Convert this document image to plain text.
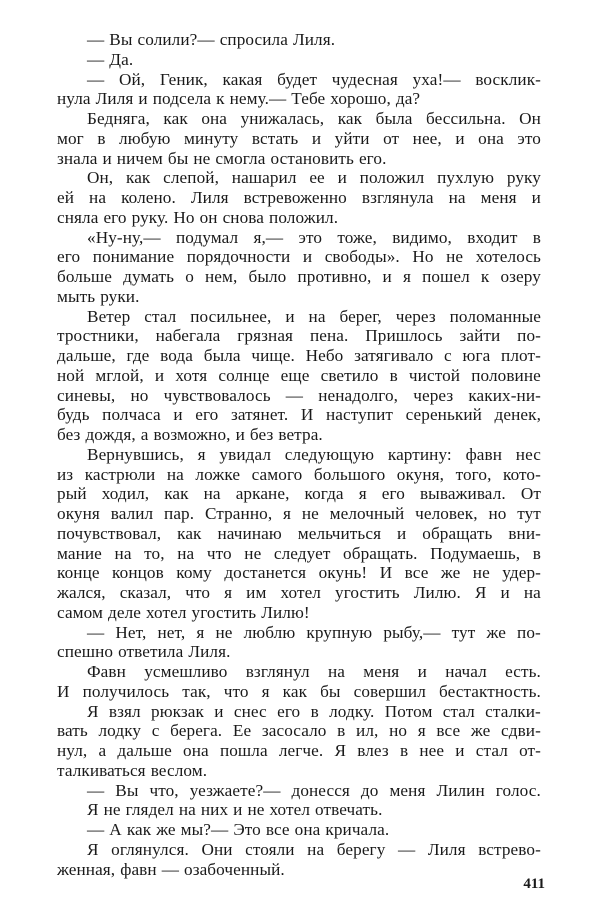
— Вы солили?— спросила Лиля.
— Да.
— Ой, Геник, какая будет чудесная уха!— восклик-
нула Лиля и подсела к нему.— Тебе хорошо, да?
Бедняга, как она унижалась, как была бессильна. Он
мог в любую минуту встать и уйти от нее, и она это
знала и ничем бы не смогла остановить его.
Он, как слепой, нашарил ее и положил пухлую руку
ей на колено. Лиля встревоженно взглянула на меня и
сняла его руку. Но он снова положил.
«Ну-ну,— подумал я,— это тоже, видимо, входит в
его понимание порядочности и свободы». Но не хотелось
больше думать о нем, было противно, и я пошел к озеру
мыть руки.
Ветер стал посильнее, и на берег, через поломанные
тростники, набегала грязная пена. Пришлось зайти по-
дальше, где вода была чище. Небо затягивало с юга плот-
ной мглой, и хотя солнце еще светило в чистой половине
синевы, но чувствовалось — ненадолго, через каких-ни-
будь полчаса и его затянет. И наступит серенький денек,
без дождя, а возможно, и без ветра.
Вернувшись, я увидал следующую картину: фавн нес
из кастрюли на ложке самого большого окуня, того, кото-
рый ходил, как на аркане, когда я его вываживал. От
окуня валил пар. Странно, я не мелочный человек, но тут
почувствовал, как начинаю мельчиться и обращать вни-
мание на то, на что не следует обращать. Подумаешь, в
конце концов кому достанется окунь! И все же не удер-
жался, сказал, что я им хотел угостить Лилю. Я и на
самом деле хотел угостить Лилю!
— Нет, нет, я не люблю крупную рыбу,— тут же по-
спешно ответила Лиля.
Фавн усмешливо взглянул на меня и начал есть.
И получилось так, что я как бы совершил бестактность.
Я взял рюкзак и снес его в лодку. Потом стал сталки-
вать лодку с берега. Ее засосало в ил, но я все же сдви-
нул, а дальше она пошла легче. Я влез в нее и стал от-
талкиваться веслом.
— Вы что, уезжаете?— донесся до меня Лилин голос.
Я не глядел на них и не хотел отвечать.
— А как же мы?— Это все она кричала.
Я оглянулся. Они стояли на берегу — Лиля встрево-
женная, фавн — озабоченный.
411
